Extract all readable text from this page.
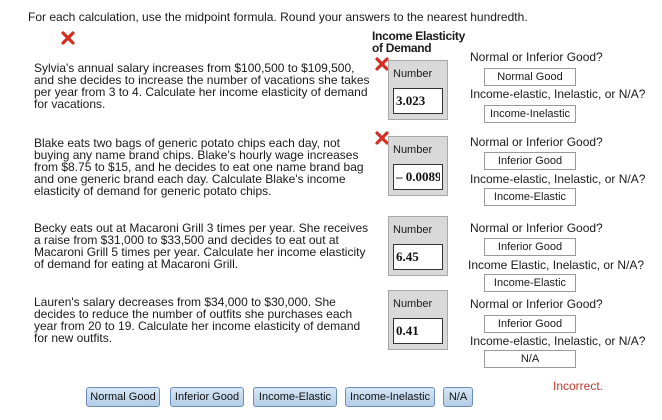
For each calculation, use the midpoint formula. Round your answers to the nearest hundredth.
Income Elasticity
of Demand
Sylvia's annual salary increases from $100,500 to $109,500, and she decides to increase the number of vacations she takes per year from 3 to 4. Calculate her income elasticity of demand for vacations.
Number
3.023
Normal or Inferior Good?
Normal Good
Income-elastic, Inelastic, or N/A?
Income-Inelastic
Blake eats two bags of generic potato chips each day, not buying any name brand chips. Blake's hourly wage increases from $8.75 to $15, and he decides to eat one name brand bag and one generic brand each day. Calculate Blake's income elasticity of demand for generic potato chips.
Number
– 0.0089
Normal or Inferior Good?
Inferior Good
Income-elastic, Inelastic, or N/A?
Income-Elastic
Becky eats out at Macaroni Grill 3 times per year. She receives a raise from $31,000 to $33,500 and decides to eat out at Macaroni Grill 5 times per year. Calculate her income elasticity of demand for eating at Macaroni Grill.
Number
6.45	Normal or Inferior Good?
Inferior Good
Income Elastic, Inelastic, or N/A?
Income-Elastic
Lauren's salary decreases from $34,000 to $30,000. She decides to reduce the number of outfits she purchases each year from 20 to 19. Calculate her income elasticity of demand for new outfits.
Number
0.41	Normal or Inferior Good?
Inferior Good
Income-elastic, Inelastic, or N/A?
N/A
Normal Good	Inferior Good	Income-Elastic	Income-Inelastic	N/A
Incorrect.
